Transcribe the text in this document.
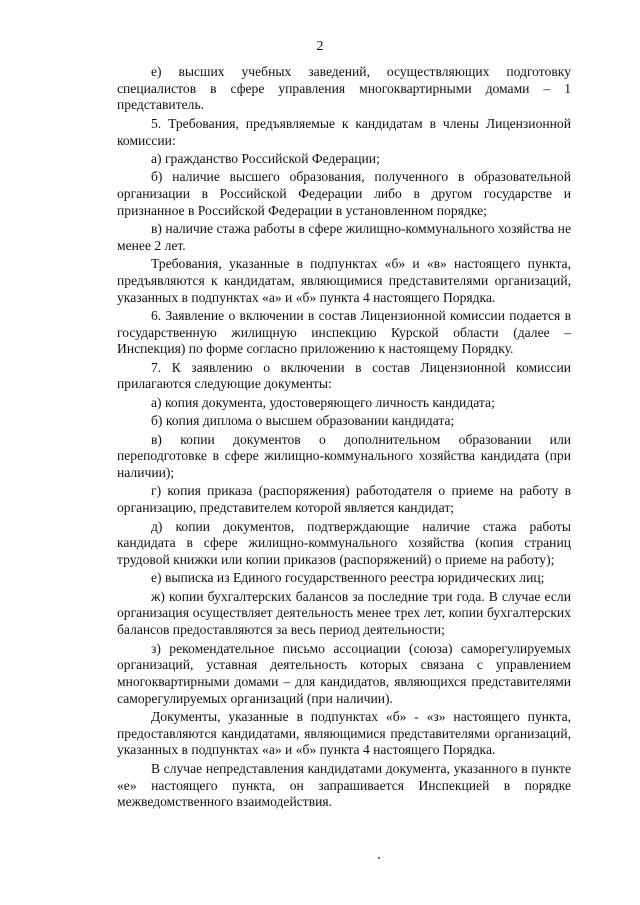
2

е) высших учебных заведений, осуществляющих подготовку специалистов в сфере управления многоквартирными домами – 1 представитель.

5. Требования, предъявляемые к кандидатам в члены Лицензионной комиссии:

а) гражданство Российской Федерации;

б) наличие высшего образования, полученного в образовательной организации в Российской Федерации либо в другом государстве и признанное в Российской Федерации в установленном порядке;

в) наличие стажа работы в сфере жилищно-коммунального хозяйства не менее 2 лет.

Требования, указанные в подпунктах «б» и «в» настоящего пункта, предъявляются к кандидатам, являющимися представителями организаций, указанных в подпунктах «а» и «б» пункта 4 настоящего Порядка.

6. Заявление о включении в состав Лицензионной комиссии подается в государственную жилищную инспекцию Курской области (далее – Инспекция) по форме согласно приложению к настоящему Порядку.

7. К заявлению о включении в состав Лицензионной комиссии прилагаются следующие документы:

а) копия документа, удостоверяющего личность кандидата;

б) копия диплома о высшем образовании кандидата;

в) копии документов о дополнительном образовании или переподготовке в сфере жилищно-коммунального хозяйства кандидата (при наличии);

г) копия приказа (распоряжения) работодателя о приеме на работу в организацию, представителем которой является кандидат;

д) копии документов, подтверждающие наличие стажа работы кандидата в сфере жилищно-коммунального хозяйства (копия страниц трудовой книжки или копии приказов (распоряжений) о приеме на работу);

е) выписка из Единого государственного реестра юридических лиц;

ж) копии бухгалтерских балансов за последние три года. В случае если организация осуществляет деятельность менее трех лет, копии бухгалтерских балансов предоставляются за весь период деятельности;

з) рекомендательное письмо ассоциации (союза) саморегулируемых организаций, уставная деятельность которых связана с управлением многоквартирными домами – для кандидатов, являющихся представителями саморегулируемых организаций (при наличии).

Документы, указанные в подпунктах «б» - «з» настоящего пункта, предоставляются кандидатами, являющимися представителями организаций, указанных в подпунктах «а» и «б» пункта 4 настоящего Порядка.

В случае непредставления кандидатами документа, указанного в пункте «е» настоящего пункта, он запрашивается Инспекцией в порядке межведомственного взаимодействия.
